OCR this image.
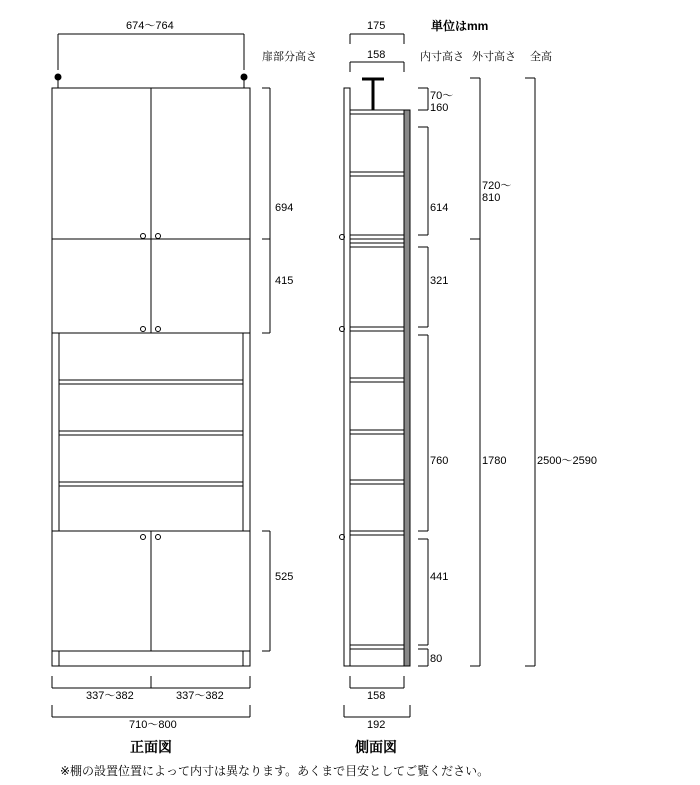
単位はmm
扉部分高さ	内寸高さ 外寸高さ 全高
674～764
694
415
525
337～382	337～382
710～800
正面図
175
158
70～
160
614
321
760
441
80
720～
810
1780	2500～2590
158
192
側面図
※棚の設置位置によって内寸は異なります。あくまで目安としてご覧ください。
